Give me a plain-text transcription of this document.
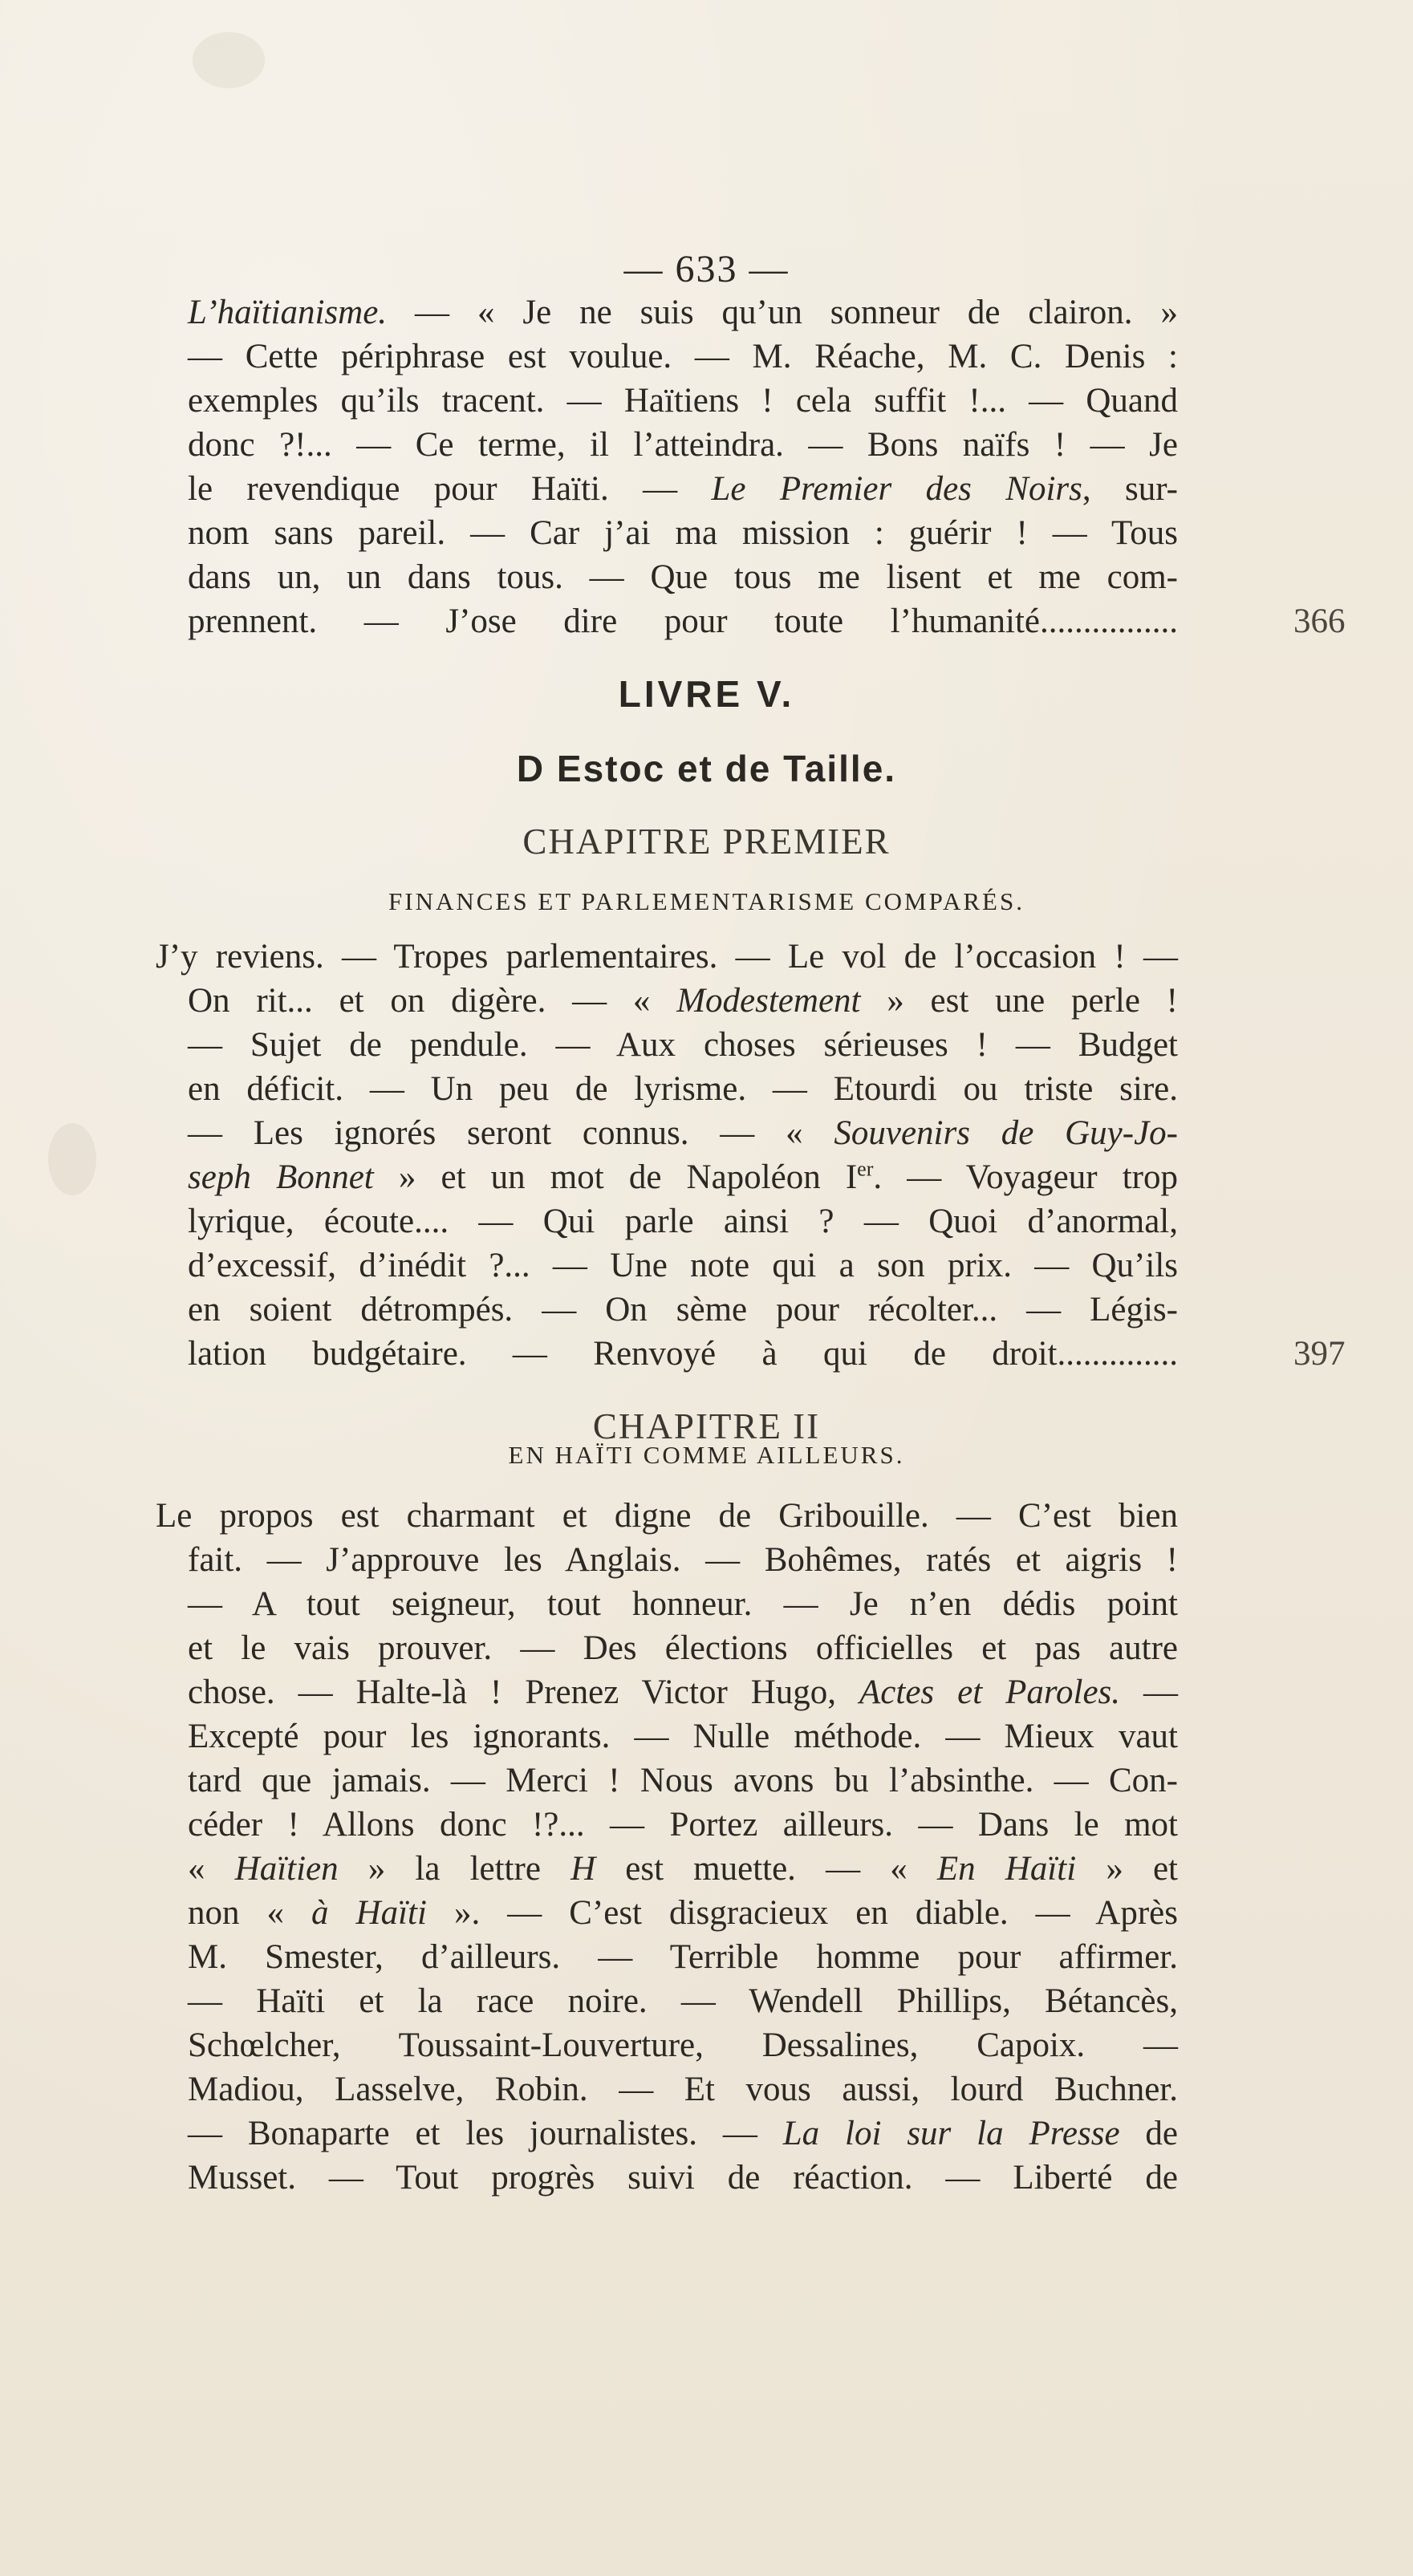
— 633 —
L’haïtianisme. — « Je ne suis qu’un sonneur de clairon. »
— Cette périphrase est voulue. — M. Réache, M. C. Denis :
exemples qu’ils tracent. — Haïtiens ! cela suffit !... — Quand
donc ?!... — Ce terme, il l’atteindra. — Bons naïfs ! — Je
le revendique pour Haïti. — Le Premier des Noirs, sur-
nom sans pareil. — Car j’ai ma mission : guérir ! — Tous
dans un, un dans tous. — Que tous me lisent et me com-
prennent. — J’ose dire pour toute l’humanité................	366
LIVRE V.
D Estoc et de Taille.
CHAPITRE PREMIER
FINANCES ET PARLEMENTARISME COMPARÉS.
J’y reviens. — Tropes parlementaires. — Le vol de l’occasion ! —
On rit... et on digère. — « Modestement » est une perle !
— Sujet de pendule. — Aux choses sérieuses ! — Budget
en déficit. — Un peu de lyrisme. — Etourdi ou triste sire.
— Les ignorés seront connus. — « Souvenirs de Guy-Jo-
seph Bonnet » et un mot de Napoléon Ier. — Voyageur trop
lyrique, écoute.... — Qui parle ainsi ? — Quoi d’anormal,
d’excessif, d’inédit ?... — Une note qui a son prix. — Qu’ils
en soient détrompés. — On sème pour récolter... — Légis-
lation budgétaire. — Renvoyé à qui de droit..............	397
CHAPITRE II
EN HAÏTI COMME AILLEURS.
Le propos est charmant et digne de Gribouille. — C’est bien
fait. — J’approuve les Anglais. — Bohêmes, ratés et aigris !
— A tout seigneur, tout honneur. — Je n’en dédis point
et le vais prouver. — Des élections officielles et pas autre
chose. — Halte-là ! Prenez Victor Hugo, Actes et Paroles. —
Excepté pour les ignorants. — Nulle méthode. — Mieux vaut
tard que jamais. — Merci ! Nous avons bu l’absinthe. — Con-
céder ! Allons donc !?... — Portez ailleurs. — Dans le mot
« Haïtien » la lettre H est muette. — « En Haïti » et
non « à Haïti ». — C’est disgracieux en diable. — Après
M. Smester, d’ailleurs. — Terrible homme pour affirmer.
— Haïti et la race noire. — Wendell Phillips, Bétancès,
Schœlcher, Toussaint-Louverture, Dessalines, Capoix. —
Madiou, Lasselve, Robin. — Et vous aussi, lourd Buchner.
— Bonaparte et les journalistes. — La loi sur la Presse de
Musset. — Tout progrès suivi de réaction. — Liberté de
